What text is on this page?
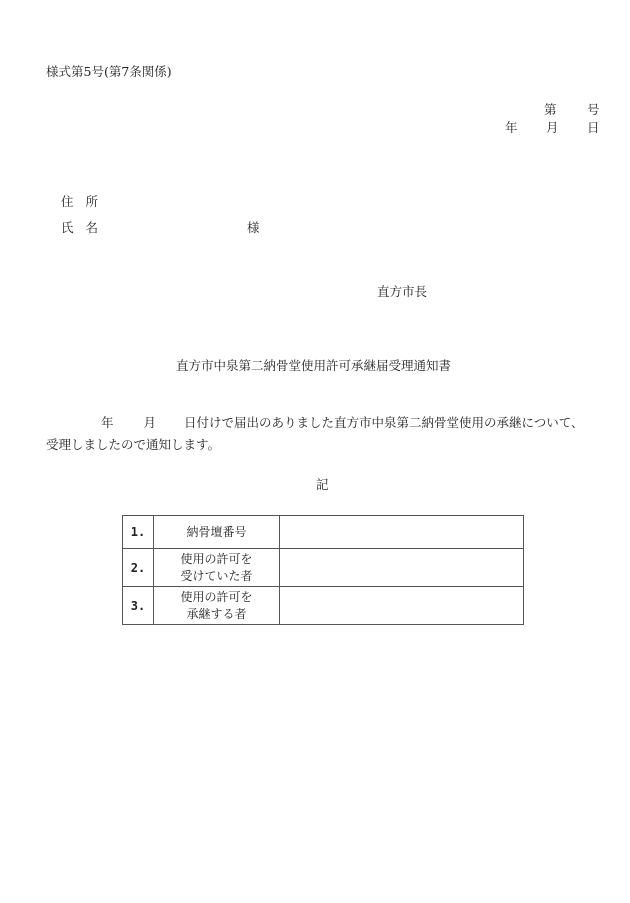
様式第5号(第7条関係)
第 号
年 月 日
住所
氏名	様
直方市長
直方市中泉第二納骨堂使用許可承継届受理通知書
年 月 日付けで届出のありました直方市中泉第二納骨堂使用の承継について、
受理しましたので通知します。
記
1.	納骨壇番号	

2.	使用の許可を
受けていた者	

3.	使用の許可を
承継する者	
